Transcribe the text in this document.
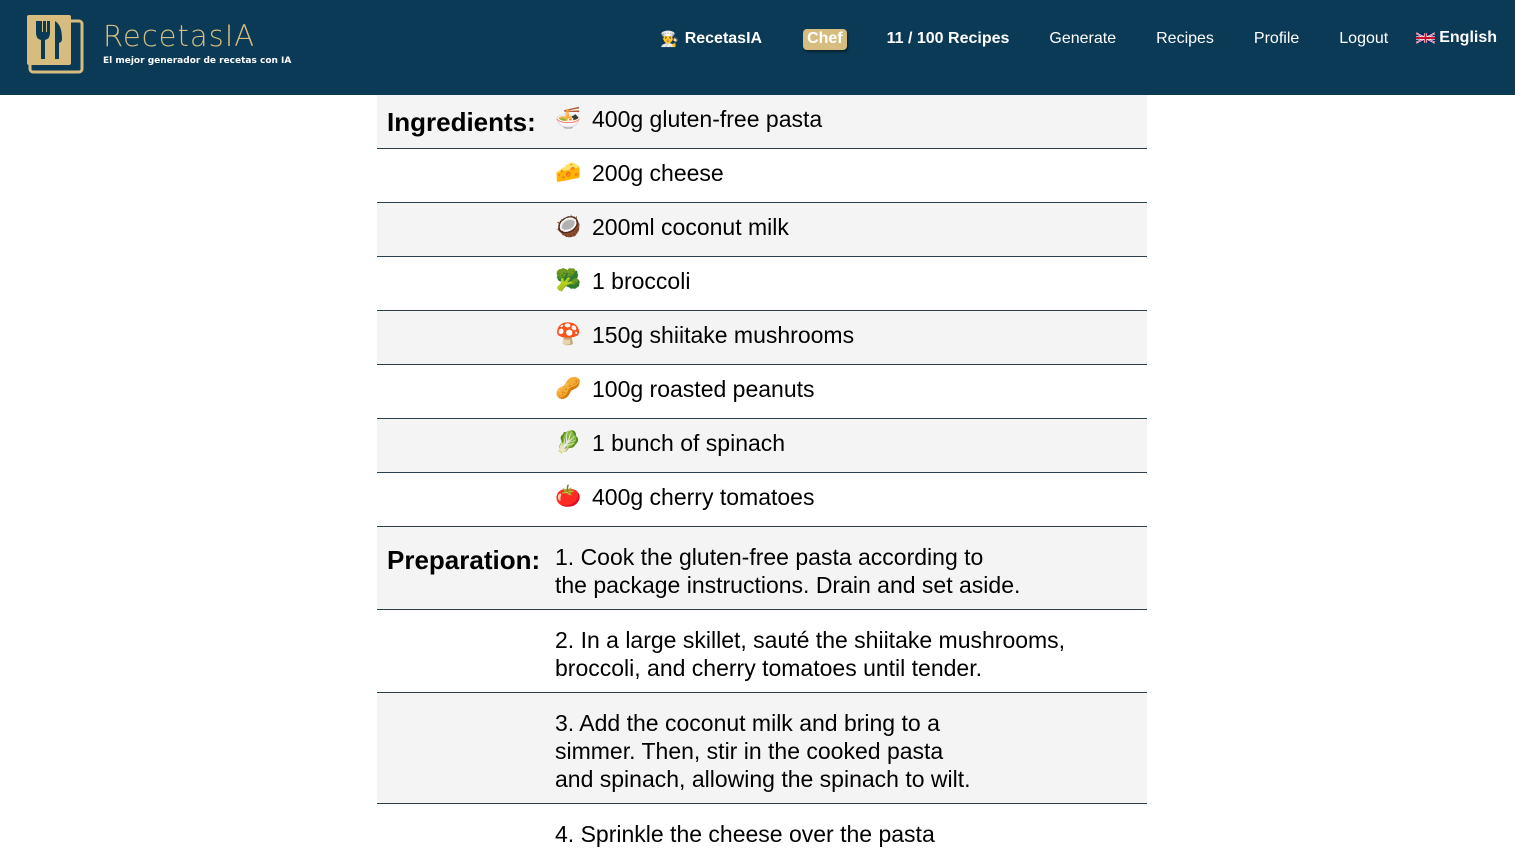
RecetasIA
El mejor generador de recetas con IA
👨‍🍳 RecetasIA	Chef	11 / 100 Recipes	Generate	Recipes	Profile	Logout	English
Ingredients: 🍜 400g gluten-free pasta
🧀 200g cheese
🥥 200ml coconut milk
🥦 1 broccoli
🍄 150g shiitake mushrooms
🥜 100g roasted peanuts
🥬 1 bunch of spinach
🍅 400g cherry tomatoes
Preparation: 1. Cook the gluten-free pasta according to
the package instructions. Drain and set aside.
2. In a large skillet, sauté the shiitake mushrooms,
broccoli, and cherry tomatoes until tender.
3. Add the coconut milk and bring to a
simmer. Then, stir in the cooked pasta
and spinach, allowing the spinach to wilt.
4. Sprinkle the cheese over the pasta
